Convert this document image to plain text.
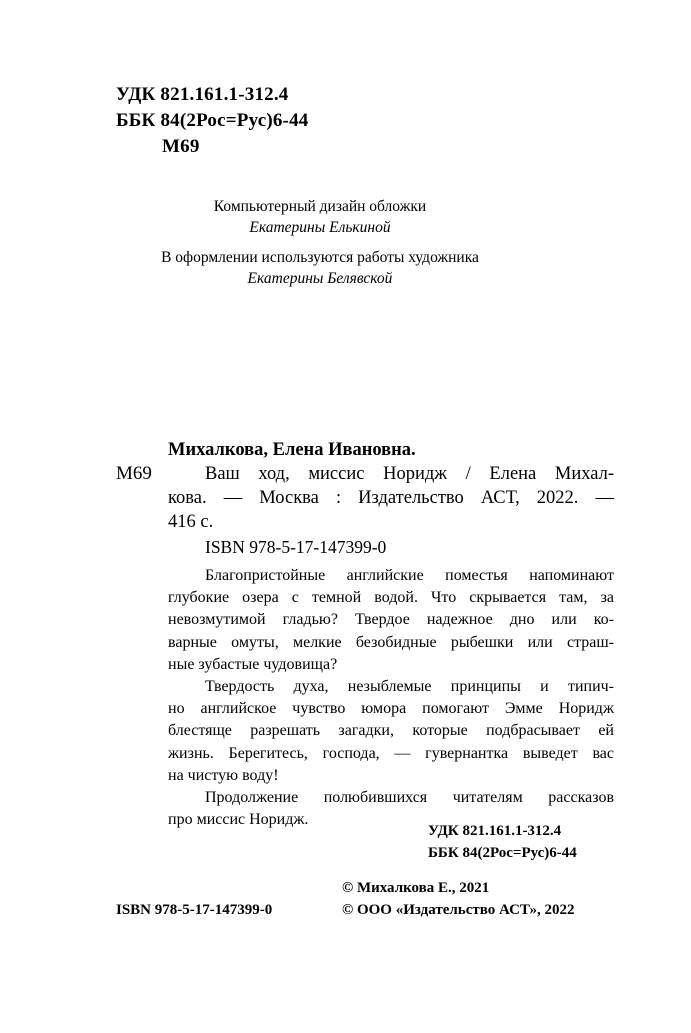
УДК 821.161.1-312.4
ББК 84(2Рос=Рус)6-44
М69
Компьютерный дизайн обложки
Екатерины Елькиной
В оформлении используются работы художника
Екатерины Белявской
Михалкова, Елена Ивановна.
М69	Ваш ход, миссис Норидж / Елена Михал-
кова. — Москва : Издательство АСТ, 2022. —
416 с.
ISBN 978-5-17-147399-0
Благопристойные английские поместья напоминают
глубокие озера с темной водой. Что скрывается там, за
невозмутимой гладью? Твердое надежное дно или ко-
варные омуты, мелкие безобидные рыбешки или страш-
ные зубастые чудовища?
Твердость духа, незыблемые принципы и типич-
но английское чувство юмора помогают Эмме Норидж
блестяще разрешать загадки, которые подбрасывает ей
жизнь. Берегитесь, господа, — гувернантка выведет вас
на чистую воду!
Продолжение полюбившихся читателям рассказов
про миссис Норидж.
УДК 821.161.1-312.4
ББК 84(2Рос=Рус)6-44
© Михалкова Е., 2021
ISBN 978-5-17-147399-0	© ООО «Издательство АСТ», 2022
